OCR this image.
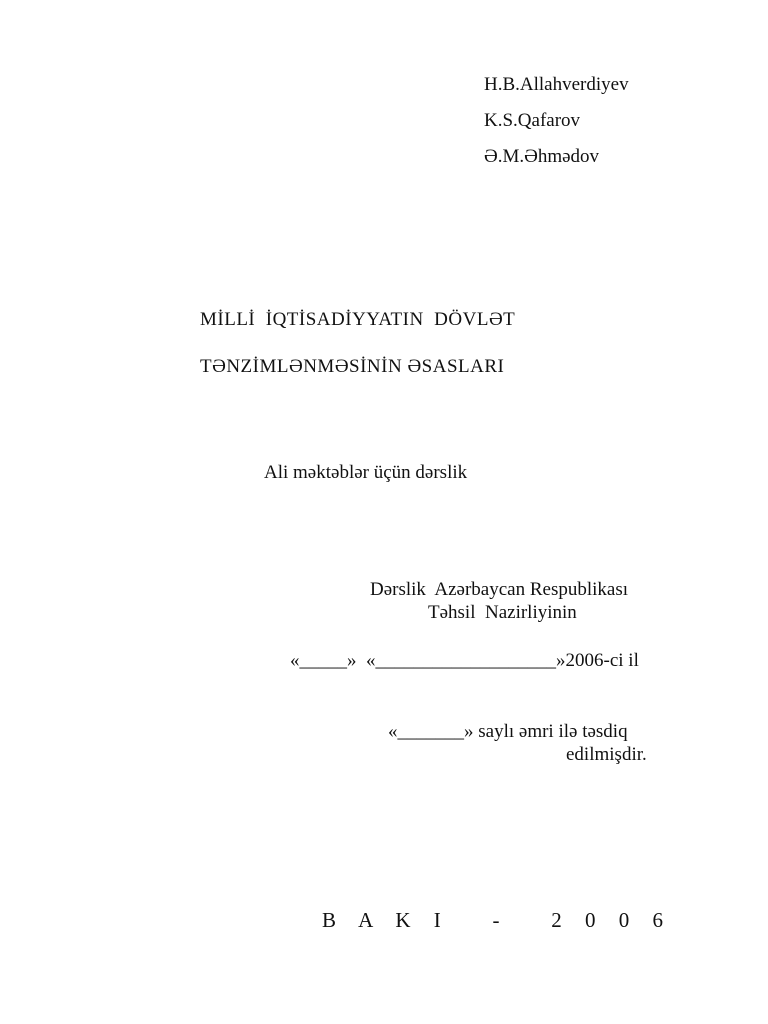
H.B.Allahverdiyev
K.S.Qafarov
Ə.M.Əhmədov
MİLLİ  İQTİSADİYYATIN  DÖVLƏT
TƏNZİMLƏNMƏSİNİN ƏSASLARI
Ali məktəblər üçün dərslik
Dərslik  Azərbaycan Respublikası
Təhsil  Nazirliyinin
«_____»  «___________________»2006-ci il
«_______» saylı əmri ilə təsdiq
edilmişdir.
B A K I   -   2 0 0 6
